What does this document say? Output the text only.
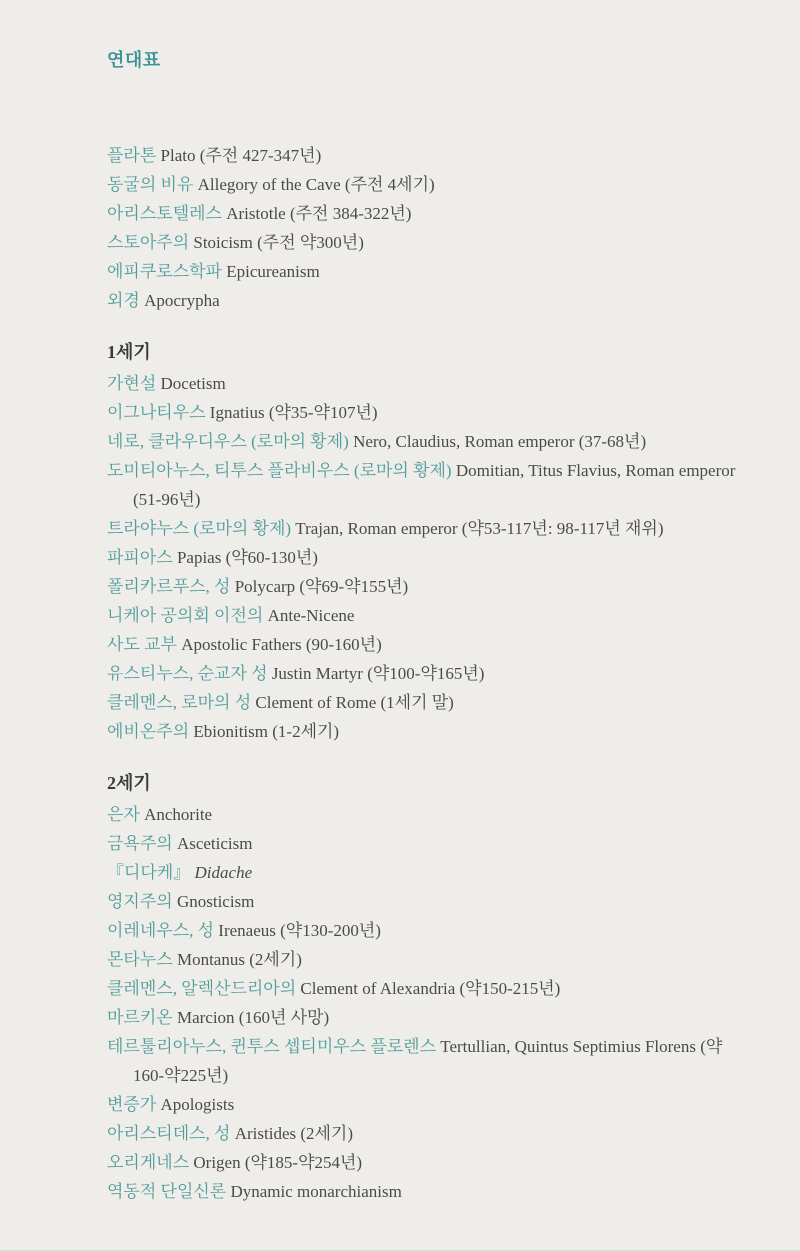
연대표

플라톤 Plato (주전 427-347년)

동굴의 비유 Allegory of the Cave (주전 4세기)

아리스토텔레스 Aristotle (주전 384-322년)

스토아주의 Stoicism (주전 약300년)

에피쿠로스학파 Epicureanism

외경 Apocrypha

1세기

가현설 Docetism

이그나티우스 Ignatius (약35-약107년)

네로, 클라우디우스 (로마의 황제) Nero, Claudius, Roman emperor (37-68년)

도미티아누스, 티투스 플라비우스 (로마의 황제) Domitian, Titus Flavius, Roman emperor (51-96년)

트라야누스 (로마의 황제) Trajan, Roman emperor (약53-117년: 98-117년 재위)

파피아스 Papias (약60-130년)

폴리카르푸스, 성 Polycarp (약69-약155년)

니케아 공의회 이전의 Ante-Nicene

사도 교부 Apostolic Fathers (90-160년)

유스티누스, 순교자 성 Justin Martyr (약100-약165년)

클레멘스, 로마의 성 Clement of Rome (1세기 말)

에비온주의 Ebionitism (1-2세기)

2세기

은자 Anchorite

금욕주의 Asceticism

『디다케』 Didache

영지주의 Gnosticism

이레네우스, 성 Irenaeus (약130-200년)

몬타누스 Montanus (2세기)

클레멘스, 알렉산드리아의 Clement of Alexandria (약150-215년)

마르키온 Marcion (160년 사망)

테르툴리아누스, 퀸투스 셉티미우스 플로렌스 Tertullian, Quintus Septimius Florens (약160-약225년)

변증가 Apologists

아리스티데스, 성 Aristides (2세기)

오리게네스 Origen (약185-약254년)

역동적 단일신론 Dynamic monarchianism
